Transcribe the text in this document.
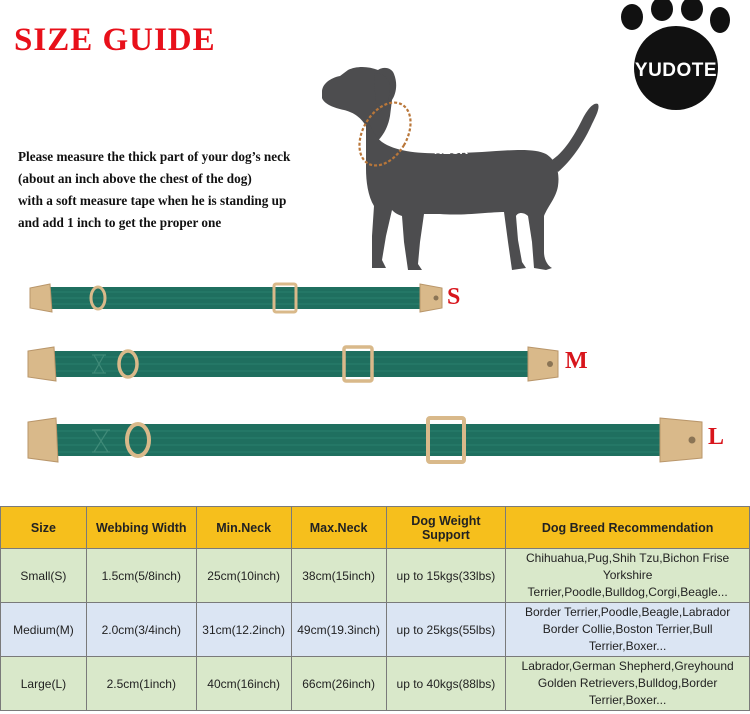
SIZE GUIDE
YUDOTE
Please measure the thick part of your dog’s neck
(about an inch above the chest of the dog)
with a soft measure tape when he is standing up
and add 1 inch to get the proper one
NECK
S
M
L
Size	Webbing Width	Min.Neck	Max.Neck	Dog Weight Support	Dog Breed Recommendation
Small(S)	1.5cm(5/8inch)	25cm(10inch)	38cm(15inch)	up to 15kgs(33lbs)	Chihuahua,Pug,Shih Tzu,Bichon Frise
Yorkshire Terrier,Poodle,Bulldog,Corgi,Beagle...

Medium(M)	2.0cm(3/4inch)	31cm(12.2inch)	49cm(19.3inch)	up to 25kgs(55lbs)	Border Terrier,Poodle,Beagle,Labrador
Border Collie,Boston Terrier,Bull
Terrier,Boxer...

Large(L)	2.5cm(1inch)	40cm(16inch)	66cm(26inch)	up to 40kgs(88lbs)	Labrador,German Shepherd,Greyhound
Golden Retrievers,Bulldog,Border
Terrier,Boxer...
